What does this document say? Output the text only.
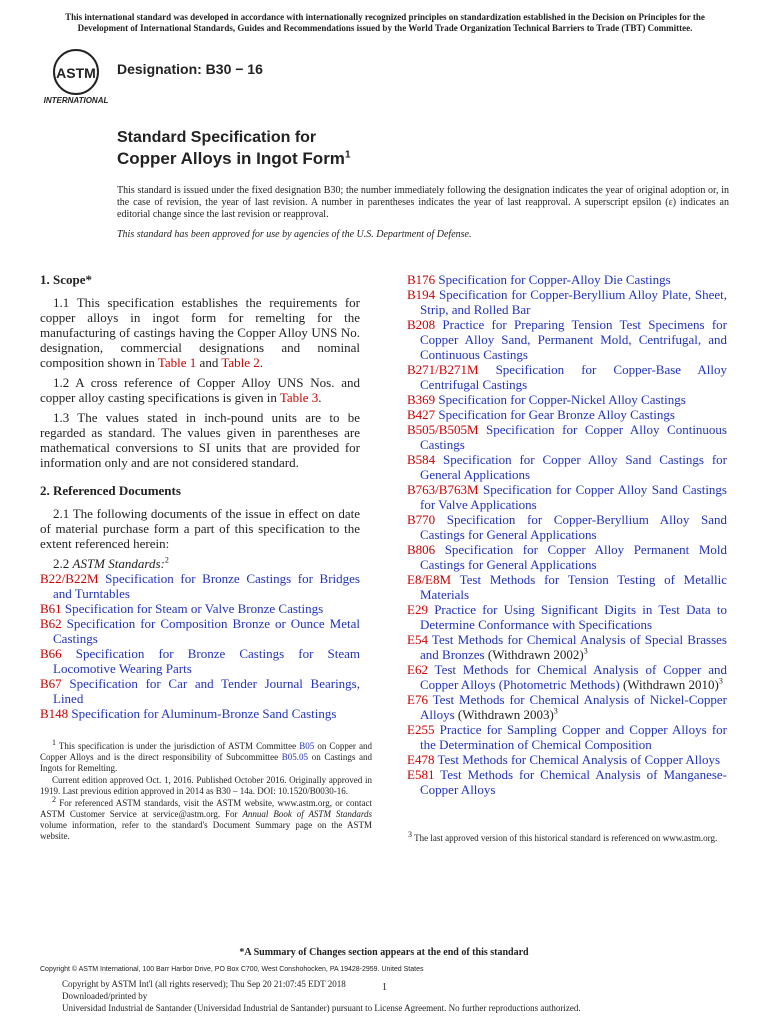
This international standard was developed in accordance with internationally recognized principles on standardization established in the Decision on Principles for the Development of International Standards, Guides and Recommendations issued by the World Trade Organization Technical Barriers to Trade (TBT) Committee.
ASTM
INTERNATIONAL
Designation: B30 − 16
Standard Specification for
Copper Alloys in Ingot Form$^1$
This standard is issued under the fixed designation B30; the number immediately following the designation indicates the year of original adoption or, in the case of revision, the year of last revision. A number in parentheses indicates the year of last reapproval. A superscript epsilon (ε) indicates an editorial change since the last revision or reapproval.
This standard has been approved for use by agencies of the U.S. Department of Defense.
1. Scope*

1.1 This specification establishes the requirements for copper alloys in ingot form for remelting for the manufacturing of castings having the Copper Alloy UNS No. designation, commercial designations and nominal composition shown in Table 1 and Table 2.

1.2 A cross reference of Copper Alloy UNS Nos. and copper alloy casting specifications is given in Table 3.

1.3 The values stated in inch-pound units are to be regarded as standard. The values given in parentheses are mathematical conversions to SI units that are provided for information only and are not considered standard.

2. Referenced Documents

2.1 The following documents of the issue in effect on date of material purchase form a part of this specification to the extent referenced herein:

2.2 ASTM Standards:$^2$

B22/B22M Specification for Bronze Castings for Bridges and Turntables
B61 Specification for Steam or Valve Bronze Castings
B62 Specification for Composition Bronze or Ounce Metal Castings
B66 Specification for Bronze Castings for Steam Locomotive Wearing Parts
B67 Specification for Car and Tender Journal Bearings, Lined
B148 Specification for Aluminum-Bronze Sand Castings
B176 Specification for Copper-Alloy Die Castings
B194 Specification for Copper-Beryllium Alloy Plate, Sheet, Strip, and Rolled Bar
B208 Practice for Preparing Tension Test Specimens for Copper Alloy Sand, Permanent Mold, Centrifugal, and Continuous Castings
B271/B271M Specification for Copper-Base Alloy Centrifugal Castings
B369 Specification for Copper-Nickel Alloy Castings
B427 Specification for Gear Bronze Alloy Castings
B505/B505M Specification for Copper Alloy Continuous Castings
B584 Specification for Copper Alloy Sand Castings for General Applications
B763/B763M Specification for Copper Alloy Sand Castings for Valve Applications
B770 Specification for Copper-Beryllium Alloy Sand Castings for General Applications
B806 Specification for Copper Alloy Permanent Mold Castings for General Applications
E8/E8M Test Methods for Tension Testing of Metallic Materials
E29 Practice for Using Significant Digits in Test Data to Determine Conformance with Specifications
E54 Test Methods for Chemical Analysis of Special Brasses and Bronzes (Withdrawn 2002)$^3$
E62 Test Methods for Chemical Analysis of Copper and Copper Alloys (Photometric Methods) (Withdrawn 2010)$^3$
E76 Test Methods for Chemical Analysis of Nickel-Copper Alloys (Withdrawn 2003)$^3$
E255 Practice for Sampling Copper and Copper Alloys for the Determination of Chemical Composition
E478 Test Methods for Chemical Analysis of Copper Alloys
E581 Test Methods for Chemical Analysis of Manganese-Copper Alloys

$^1$ This specification is under the jurisdiction of ASTM Committee B05 on Copper and Copper Alloys and is the direct responsibility of Subcommittee B05.05 on Castings and Ingots for Remelting.

Current edition approved Oct. 1, 2016. Published October 2016. Originally approved in 1919. Last previous edition approved in 2014 as B30 – 14a. DOI: 10.1520/B0030-16.

$^2$ For referenced ASTM standards, visit the ASTM website, www.astm.org, or contact ASTM Customer Service at service@astm.org. For Annual Book of ASTM Standards volume information, refer to the standard's Document Summary page on the ASTM website.	$^3$ The last approved version of this historical standard is referenced on www.astm.org.

*A Summary of Changes section appears at the end of this standard
Copyright © ASTM International, 100 Barr Harbor Drive, PO Box C700, West Conshohocken, PA 19428-2959. United States
Copyright by ASTM Int'l (all rights reserved); Thu Sep 20 21:07:45 EDT 2018
Downloaded/printed by
Universidad Industrial de Santander (Universidad Industrial de Santander) pursuant to License Agreement. No further reproductions authorized.
1
